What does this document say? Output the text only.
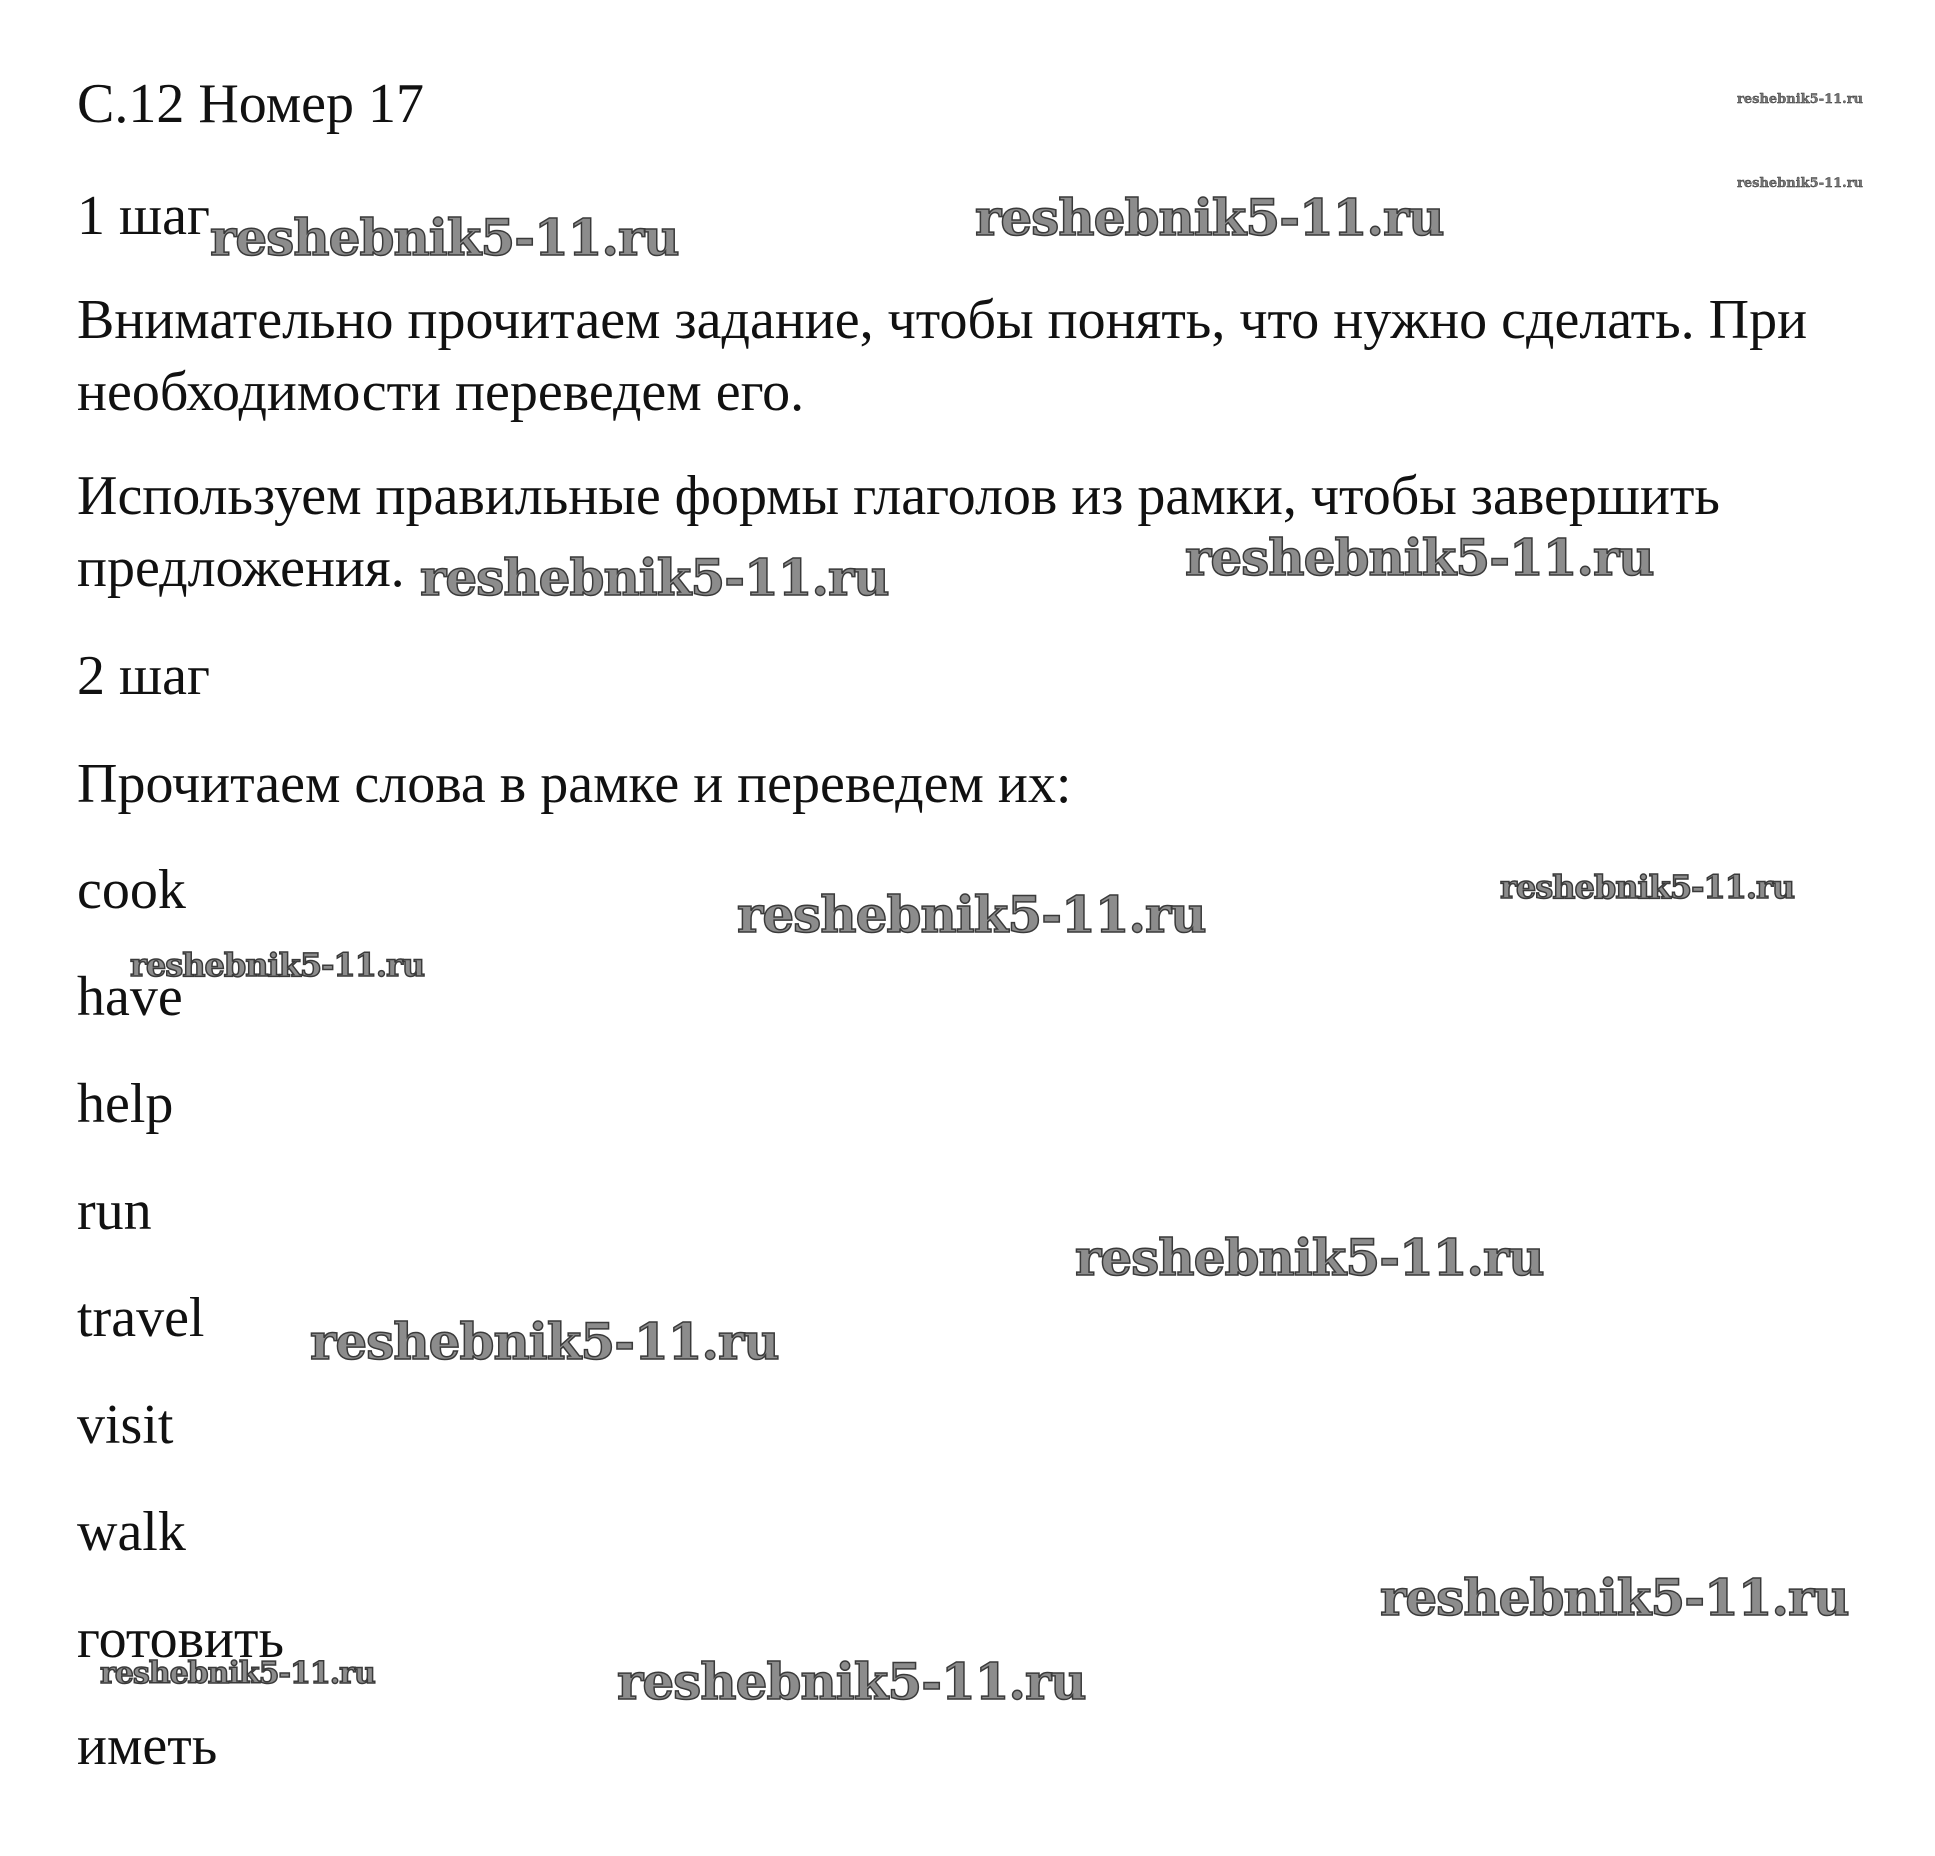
С.12 Номер 17
1 шаг

Внимательно прочитаем задание, чтобы понять, что нужно сделать. При необходимости переведем его.

Используем правильные формы глаголов из рамки, чтобы завершить предложения.

2 шаг

Прочитаем слова в рамке и переведем их:

cook
have
help
run
travel
visit
walk
готовить
иметь
reshebnik5-11.ru
reshebnik5-11.ru
reshebnik5-11.ru	reshebnik5-11.ru
reshebnik5-11.ru	reshebnik5-11.ru
reshebnik5-11.ru	reshebnik5-11.ru
reshebnik5-11.ru
reshebnik5-11.ru
reshebnik5-11.ru
reshebnik5-11.ru
reshebnik5-11.ru
reshebnik5-11.ru
